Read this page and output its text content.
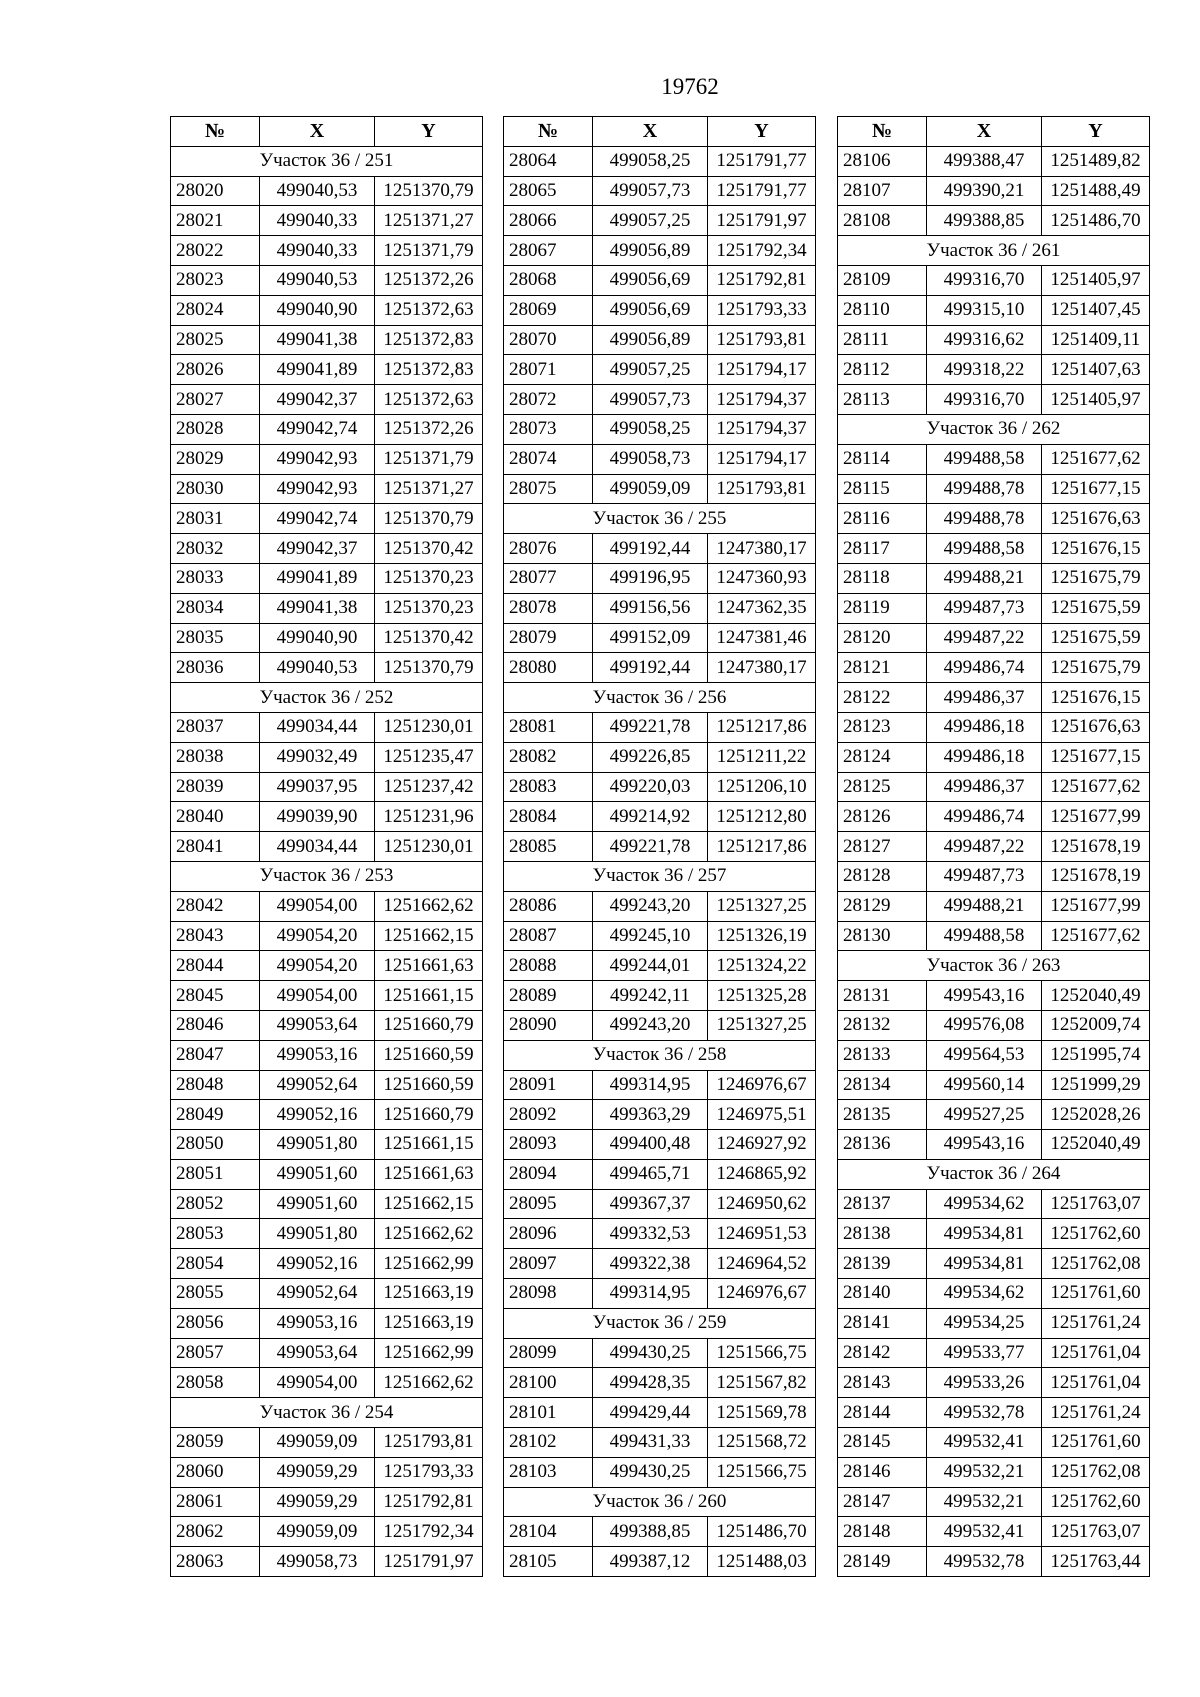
19762
№	X	Y
Участок 36 / 251		
28020	499040,53	1251370,79
28021	499040,33	1251371,27
28022	499040,33	1251371,79
28023	499040,53	1251372,26
28024	499040,90	1251372,63
28025	499041,38	1251372,83
28026	499041,89	1251372,83
28027	499042,37	1251372,63
28028	499042,74	1251372,26
28029	499042,93	1251371,79
28030	499042,93	1251371,27
28031	499042,74	1251370,79
28032	499042,37	1251370,42
28033	499041,89	1251370,23
28034	499041,38	1251370,23
28035	499040,90	1251370,42
28036	499040,53	1251370,79
Участок 36 / 252		
28037	499034,44	1251230,01
28038	499032,49	1251235,47
28039	499037,95	1251237,42
28040	499039,90	1251231,96
28041	499034,44	1251230,01
Участок 36 / 253		
28042	499054,00	1251662,62
28043	499054,20	1251662,15
28044	499054,20	1251661,63
28045	499054,00	1251661,15
28046	499053,64	1251660,79
28047	499053,16	1251660,59
28048	499052,64	1251660,59
28049	499052,16	1251660,79
28050	499051,80	1251661,15
28051	499051,60	1251661,63
28052	499051,60	1251662,15
28053	499051,80	1251662,62
28054	499052,16	1251662,99
28055	499052,64	1251663,19
28056	499053,16	1251663,19
28057	499053,64	1251662,99
28058	499054,00	1251662,62
Участок 36 / 254		
28059	499059,09	1251793,81
28060	499059,29	1251793,33
28061	499059,29	1251792,81
28062	499059,09	1251792,34
28063	499058,73	1251791,97
№	X	Y
28064	499058,25	1251791,77
28065	499057,73	1251791,77
28066	499057,25	1251791,97
28067	499056,89	1251792,34
28068	499056,69	1251792,81
28069	499056,69	1251793,33
28070	499056,89	1251793,81
28071	499057,25	1251794,17
28072	499057,73	1251794,37
28073	499058,25	1251794,37
28074	499058,73	1251794,17
28075	499059,09	1251793,81
Участок 36 / 255		
28076	499192,44	1247380,17
28077	499196,95	1247360,93
28078	499156,56	1247362,35
28079	499152,09	1247381,46
28080	499192,44	1247380,17
Участок 36 / 256		
28081	499221,78	1251217,86
28082	499226,85	1251211,22
28083	499220,03	1251206,10
28084	499214,92	1251212,80
28085	499221,78	1251217,86
Участок 36 / 257		
28086	499243,20	1251327,25
28087	499245,10	1251326,19
28088	499244,01	1251324,22
28089	499242,11	1251325,28
28090	499243,20	1251327,25
Участок 36 / 258		
28091	499314,95	1246976,67
28092	499363,29	1246975,51
28093	499400,48	1246927,92
28094	499465,71	1246865,92
28095	499367,37	1246950,62
28096	499332,53	1246951,53
28097	499322,38	1246964,52
28098	499314,95	1246976,67
Участок 36 / 259		
28099	499430,25	1251566,75
28100	499428,35	1251567,82
28101	499429,44	1251569,78
28102	499431,33	1251568,72
28103	499430,25	1251566,75
Участок 36 / 260		
28104	499388,85	1251486,70
28105	499387,12	1251488,03
№	X	Y
28106	499388,47	1251489,82
28107	499390,21	1251488,49
28108	499388,85	1251486,70
Участок 36 / 261		
28109	499316,70	1251405,97
28110	499315,10	1251407,45
28111	499316,62	1251409,11
28112	499318,22	1251407,63
28113	499316,70	1251405,97
Участок 36 / 262		
28114	499488,58	1251677,62
28115	499488,78	1251677,15
28116	499488,78	1251676,63
28117	499488,58	1251676,15
28118	499488,21	1251675,79
28119	499487,73	1251675,59
28120	499487,22	1251675,59
28121	499486,74	1251675,79
28122	499486,37	1251676,15
28123	499486,18	1251676,63
28124	499486,18	1251677,15
28125	499486,37	1251677,62
28126	499486,74	1251677,99
28127	499487,22	1251678,19
28128	499487,73	1251678,19
28129	499488,21	1251677,99
28130	499488,58	1251677,62
Участок 36 / 263		
28131	499543,16	1252040,49
28132	499576,08	1252009,74
28133	499564,53	1251995,74
28134	499560,14	1251999,29
28135	499527,25	1252028,26
28136	499543,16	1252040,49
Участок 36 / 264		
28137	499534,62	1251763,07
28138	499534,81	1251762,60
28139	499534,81	1251762,08
28140	499534,62	1251761,60
28141	499534,25	1251761,24
28142	499533,77	1251761,04
28143	499533,26	1251761,04
28144	499532,78	1251761,24
28145	499532,41	1251761,60
28146	499532,21	1251762,08
28147	499532,21	1251762,60
28148	499532,41	1251763,07
28149	499532,78	1251763,44
